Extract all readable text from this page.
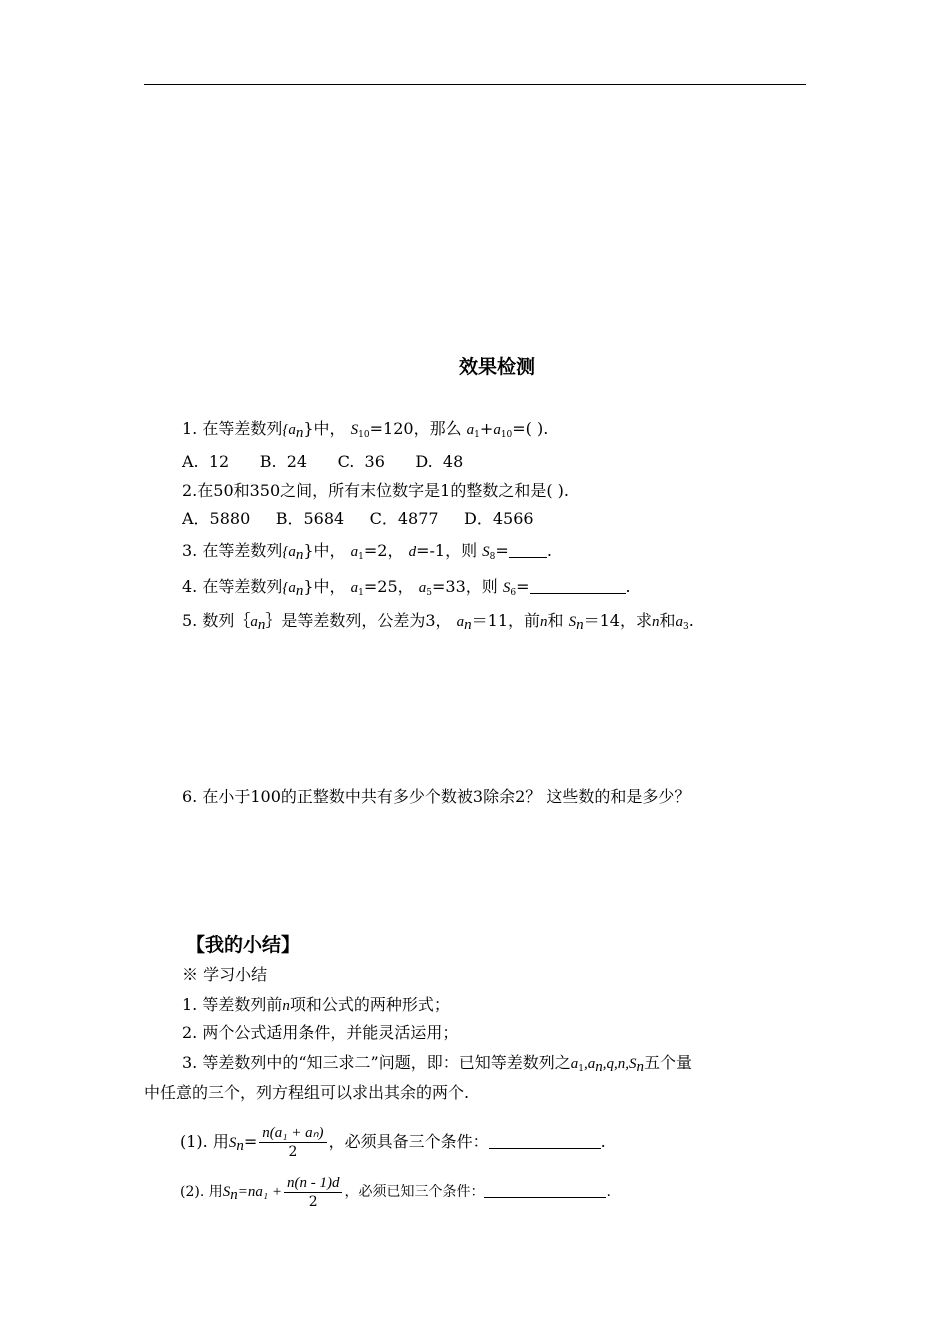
效果检测
1. 在等差数列$\{a_n\}$中， $S_{10}=120$，那么 $a_1+a_{10}=$( ).
A.  12      B.  24      C.  36      D.  48
2.在50和350之间，所有末位数字是1的整数之和是( ).
A．5880     B．5684     C．4877     D．4566
3. 在等差数列$\{a_n\}$中， $a_1=2$， d=-1，则 $S_8=$ .
4. 在等差数列$\{a_n\}$中， $a_1=25$， $a_5=33$，则 $S_6=$	.
5. 数列$\{a_n\}$是等差数列，公差为3， $a_n=11$，前n和 $S_n=14$，求n和$a_3$.
6. 在小于100的正整数中共有多少个数被3除余2？ 这些数的和是多少？
【我的小结】
※ 学习小结
1. 等差数列前n项和公式的两种形式；
2. 两个公式适用条件，并能灵活运用；
3. 等差数列中的“知三求二”问题，即：已知等差数列之$a_1,a_n,q,n,S_n$五个量
中任意的三个，列方程组可以求出其余的两个.
(1). 用$S_n= \frac{\text{n(a₁ + aₙ)}}{2}$ ，必须具备三个条件：	.
(2). 用$S_n=na_1 + \frac{n(n - 1)d}{2}$ ，必须已知三个条件：	.
